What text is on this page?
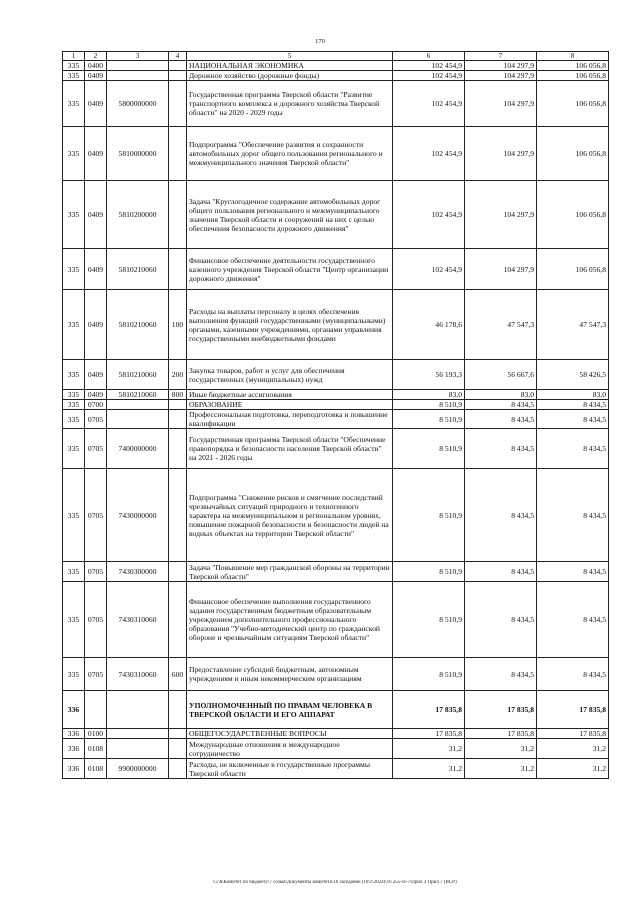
170
1	2	3	4	5	6	7	8
335	0400			НАЦИОНАЛЬНАЯ ЭКОНОМИКА	102 454,9	104 297,9	106 056,8
335	0409			Дорожное хозяйство (дорожные фонды)	102 454,9	104 297,9	106 056,8
335	0409	5800000000		Государственная программа Тверской области "Развитие транспортного комплекса и дорожного хозяйства Тверской области" на 2020 - 2029 годы	102 454,9	104 297,9	106 056,8
335	0409	5810000000		Подпрограмма "Обеспечение развития и сохранности автомобильных дорог общего пользования регионального и межмуниципального значения Тверской области"	102 454,9	104 297,9	106 056,8
335	0409	5810200000		Задача "Круглогодичное содержание автомобильных дорог общего пользования регионального и межмуниципального значения Тверской области и сооружений на них с целью обеспечения безопасности дорожного движения"	102 454,9	104 297,9	106 056,8
335	0409	5810210060		Финансовое обеспечение деятельности государственного казенного учреждения Тверской области "Центр организации дорожного движения"	102 454,9	104 297,9	106 056,8
335	0409	5810210060	100	Расходы на выплаты персоналу в целях обеспечения выполнения функций государственными (муниципальными) органами, казенными учреждениями, органами управления государственными внебюджетными фондами	46 178,6	47 547,3	47 547,3
335	0409	5810210060	200	Закупка товаров, работ и услуг для обеспечения государственных (муниципальных) нужд	56 193,3	56 667,6	58 426,5
335	0409	5810210060	800	Иные бюджетные ассигнования	83,0	83,0	83,0
335	0700			ОБРАЗОВАНИЕ	8 510,9	8 434,5	8 434,5
335	0705			Профессиональная подготовка, переподготовка и повышение квалификации	8 510,9	8 434,5	8 434,5
335	0705	7400000000		Государственная программа Тверской области "Обеспечение правопорядка и безопасности населения Тверской области" на 2021 - 2026 годы	8 510,9	8 434,5	8 434,5
335	0705	7430000000		Подпрограмма "Снижение рисков и смягчение последствий чрезвычайных ситуаций природного и техногенного характера на межмуниципальном и региональном уровнях, повышение пожарной безопасности и безопасности людей на водных объектах на территории Тверской области"	8 510,9	8 434,5	8 434,5
335	0705	7430300000		Задача "Повышение мер гражданской обороны на территории Тверской области"	8 510,9	8 434,5	8 434,5
335	0705	7430310060		Финансовое обеспечение выполнения государственного задания государственным бюджетным образовательным учреждением дополнительного профессионального образования "Учебно-методический центр по гражданской обороне и чрезвычайным ситуациям Тверской области"	8 510,9	8 434,5	8 434,5
335	0705	7430310060	600	Предоставление субсидий бюджетным, автономным учреждениям и иным некоммерческим организациям	8 510,9	8 434,5	8 434,5
336				УПОЛНОМОЧЕННЫЙ ПО ПРАВАМ ЧЕЛОВЕКА В ТВЕРСКОЙ ОБЛАСТИ И ЕГО АППАРАТ	17 835,8	17 835,8	17 835,8
336	0100			ОБЩЕГОСУДАРСТВЕННЫЕ ВОПРОСЫ	17 835,8	17 835,8	17 835,8
336	0108			Международные отношения и международное сотрудничество	31,2	31,2	31,2
336	0108	9900000000		Расходы, не включенные в государственные программы Тверской области	31,2	31,2	31,2
G:\$\Комитет по бюджету\7 созыв\Документы комитета\16 заседание (10\1\2024)\16 255-П-7\Прил 3 Прил 7 (ВСР)
